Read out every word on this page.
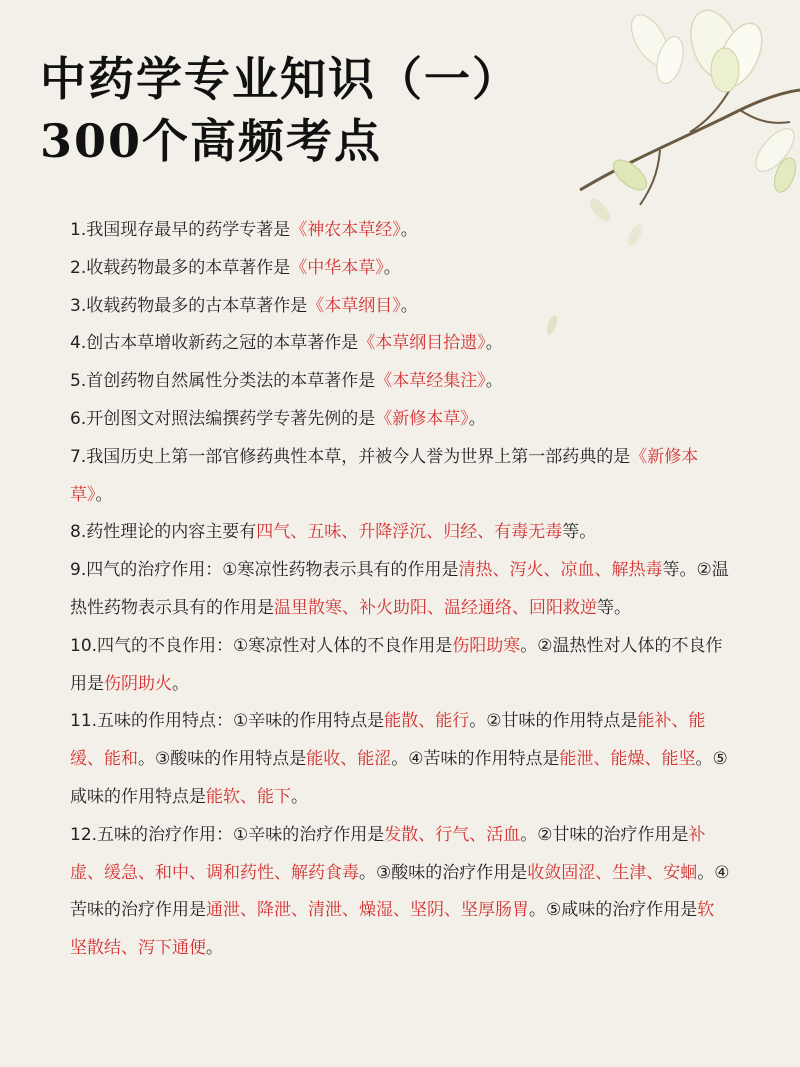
中药学专业知识（一）
300个高频考点

1.我国现存最早的药学专著是《神农本草经》。

2.收载药物最多的本草著作是《中华本草》。

3.收载药物最多的古本草著作是《本草纲目》。

4.创古本草增收新药之冠的本草著作是《本草纲目拾遗》。

5.首创药物自然属性分类法的本草著作是《本草经集注》。

6.开创图文对照法编撰药学专著先例的是《新修本草》。

7.我国历史上第一部官修药典性本草，并被今人誉为世界上第一部药典的是《新修本草》。

8.药性理论的内容主要有四气、五味、升降浮沉、归经、有毒无毒等。

9.四气的治疗作用：①寒凉性药物表示具有的作用是清热、泻火、凉血、解热毒等。②温热性药物表示具有的作用是温里散寒、补火助阳、温经通络、回阳救逆等。

10.四气的不良作用：①寒凉性对人体的不良作用是伤阳助寒。②温热性对人体的不良作用是伤阴助火。

11.五味的作用特点：①辛味的作用特点是能散、能行。②甘味的作用特点是能补、能缓、能和。③酸味的作用特点是能收、能涩。④苦味的作用特点是能泄、能燥、能坚。⑤咸味的作用特点是能软、能下。

12.五味的治疗作用：①辛味的治疗作用是发散、行气、活血。②甘味的治疗作用是补虚、缓急、和中、调和药性、解药食毒。③酸味的治疗作用是收敛固涩、生津、安蛔。④苦味的治疗作用是通泄、降泄、清泄、燥湿、坚阴、坚厚肠胃。⑤咸味的治疗作用是软坚散结、泻下通便。
